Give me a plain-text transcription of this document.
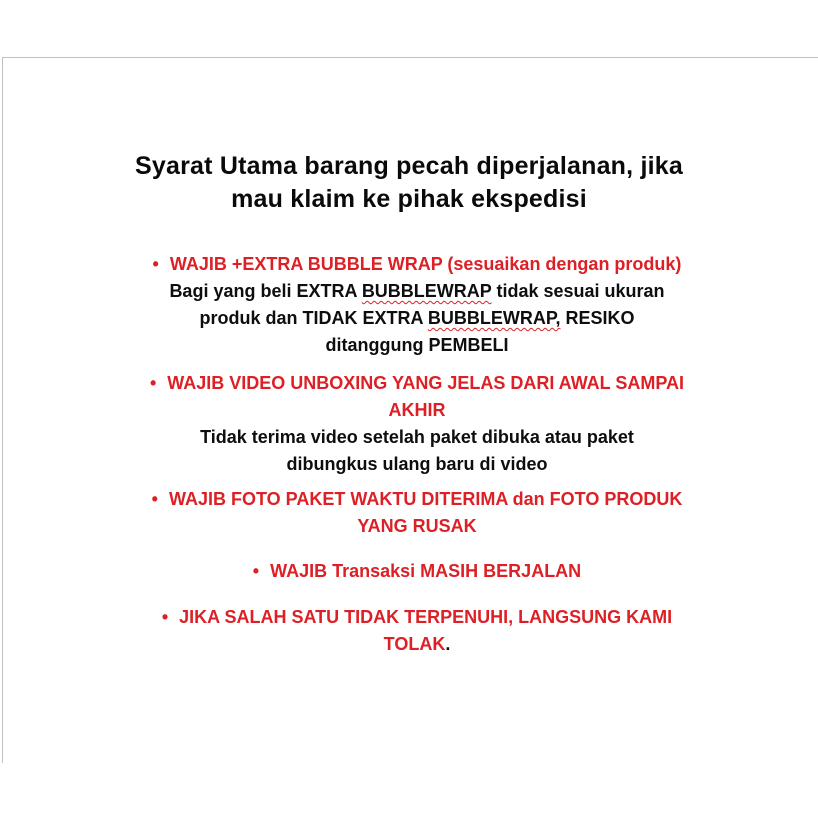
Syarat Utama barang pecah diperjalanan, jika
mau klaim ke pihak ekspedisi
• WAJIB +EXTRA BUBBLE WRAP (sesuaikan dengan produk)
Bagi yang beli EXTRA BUBBLEWRAP tidak sesuai ukuran
produk dan TIDAK EXTRA BUBBLEWRAP, RESIKO
ditanggung PEMBELI
• WAJIB VIDEO UNBOXING YANG JELAS DARI AWAL SAMPAI
AKHIR
Tidak terima video setelah paket dibuka atau paket
dibungkus ulang baru di video
• WAJIB FOTO PAKET WAKTU DITERIMA dan FOTO PRODUK
YANG RUSAK
• WAJIB Transaksi MASIH BERJALAN
• JIKA SALAH SATU TIDAK TERPENUHI, LANGSUNG KAMI
TOLAK.
